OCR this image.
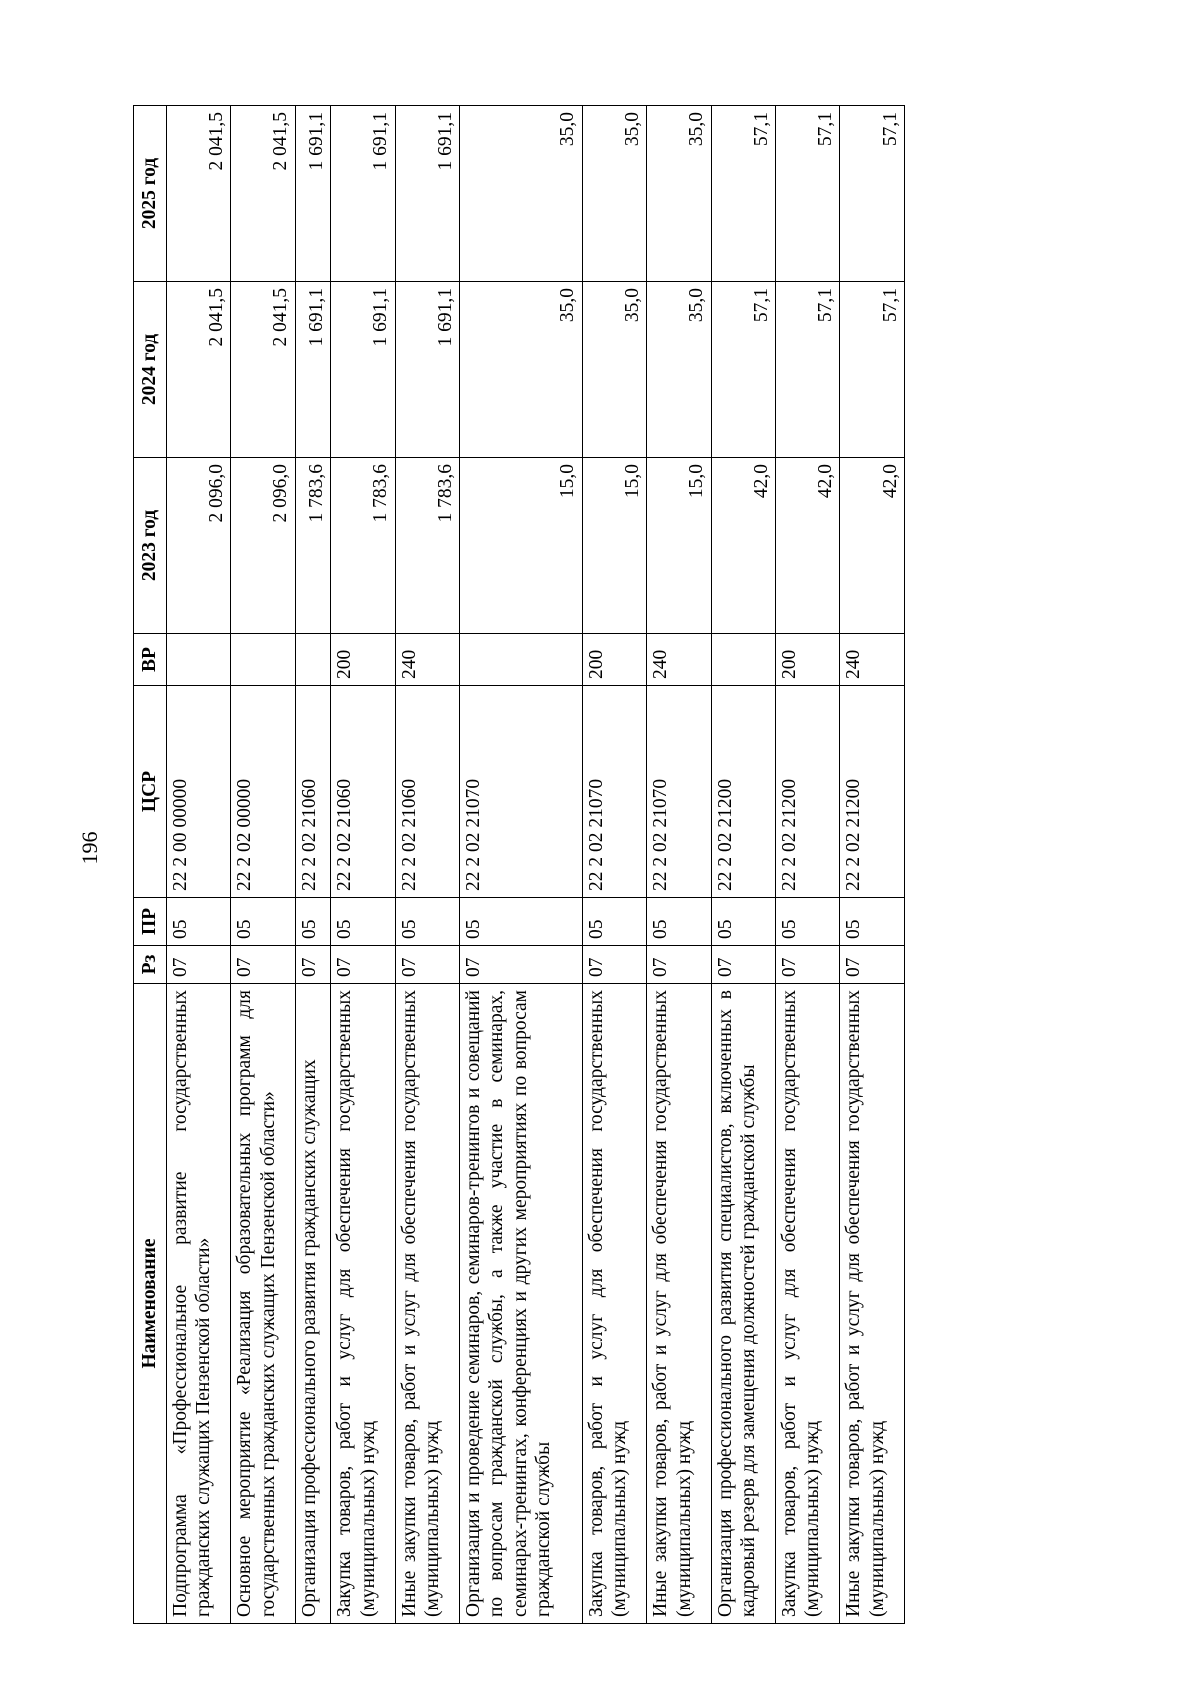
196
Наименование	Рз	ПР	ЦСР	ВР	2023 год	2024 год	2025 год
Подпрограмма «Профессиональное развитие государственных гражданских служащих Пензенской области»	07	05	22 2 00 00000		2 096,0	2 041,5	2 041,5
Основное мероприятие «Реализация образовательных программ для государственных гражданских служащих Пензенской области»	07	05	22 2 02 00000		2 096,0	2 041,5	2 041,5
Организация профессионального развития гражданских служащих	07	05	22 2 02 21060		1 783,6	1 691,1	1 691,1
Закупка товаров, работ и услуг для обеспечения государственных (муниципальных) нужд	07	05	22 2 02 21060	200	1 783,6	1 691,1	1 691,1
Иные закупки товаров, работ и услуг для обеспечения государственных (муниципальных) нужд	07	05	22 2 02 21060	240	1 783,6	1 691,1	1 691,1
Организация и проведение семинаров, семинаров-тренингов и совещаний по вопросам гражданской службы, а также участие в семинарах, семинарах-тренингах, конференциях и других мероприятиях по вопросам гражданской службы	07	05	22 2 02 21070		15,0	35,0	35,0
Закупка товаров, работ и услуг для обеспечения государственных (муниципальных) нужд	07	05	22 2 02 21070	200	15,0	35,0	35,0
Иные закупки товаров, работ и услуг для обеспечения государственных (муниципальных) нужд	07	05	22 2 02 21070	240	15,0	35,0	35,0
Организация профессионального развития специалистов, включенных в кадровый резерв для замещения должностей гражданской службы	07	05	22 2 02 21200		42,0	57,1	57,1
Закупка товаров, работ и услуг для обеспечения государственных (муниципальных) нужд	07	05	22 2 02 21200	200	42,0	57,1	57,1
Иные закупки товаров, работ и услуг для обеспечения государственных (муниципальных) нужд	07	05	22 2 02 21200	240	42,0	57,1	57,1
